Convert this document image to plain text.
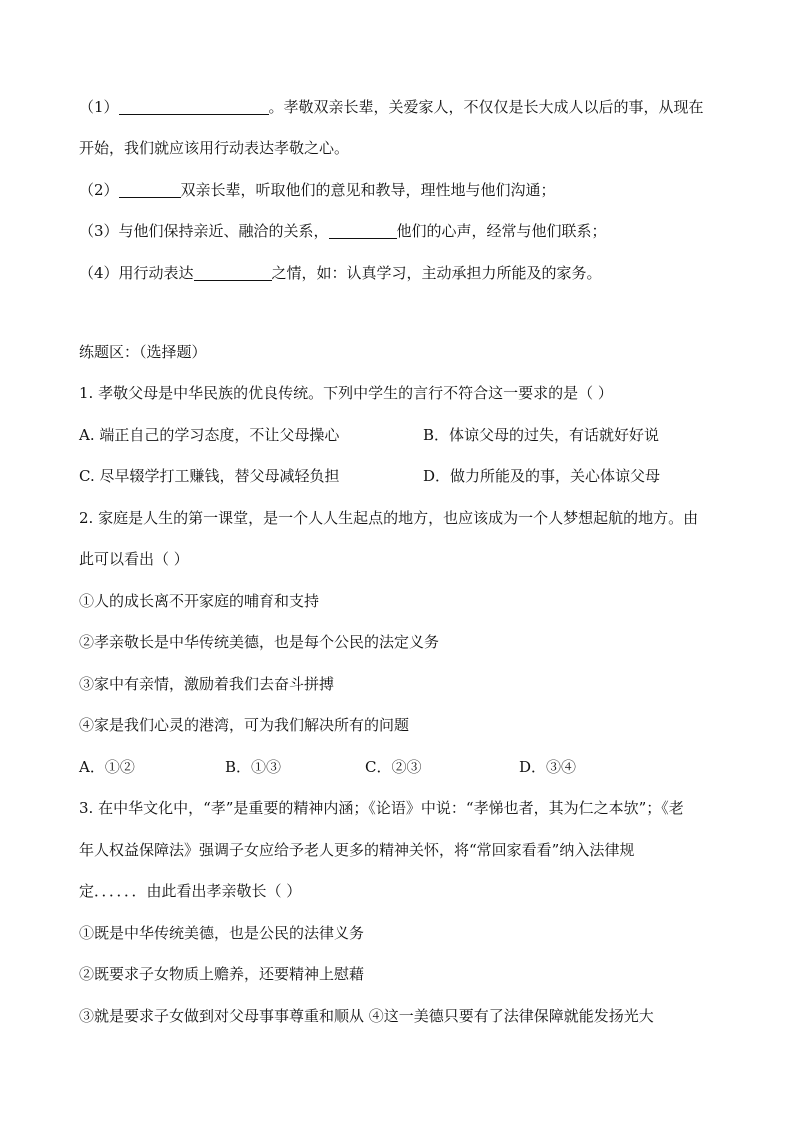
（1）	。孝敬双亲长辈，关爱家人，不仅仅是长大成人以后的事，从现在
开始，我们就应该用行动表达孝敬之心。
（2）	双亲长辈，听取他们的意见和教导，理性地与他们沟通；
（3）与他们保持亲近、融洽的关系，	他们的心声，经常与他们联系；
（4）用行动表达	之情，如：认真学习，主动承担力所能及的家务。
练题区：（选择题）
1. 孝敬父母是中华民族的优良传统。下列中学生的言行不符合这一要求的是（ ）
A. 端正自己的学习态度，不让父母操心	B．体谅父母的过失，有话就好好说
C. 尽早辍学打工赚钱，替父母减轻负担	D．做力所能及的事，关心体谅父母
2. 家庭是人生的第一课堂，是一个人人生起点的地方，也应该成为一个人梦想起航的地方。由
此可以看出（ ）
①人的成长离不开家庭的哺育和支持
②孝亲敬长是中华传统美德，也是每个公民的法定义务
③家中有亲情，激励着我们去奋斗拼搏
④家是我们心灵的港湾，可为我们解决所有的问题
A．①②	B．①③	C．②③	D．③④
3. 在中华文化中，“孝”是重要的精神内涵；《论语》中说：“孝悌也者，其为仁之本欤”；《老
年人权益保障法》强调子女应给予老人更多的精神关怀，将“常回家看看”纳入法律规
定．．．．．．由此看出孝亲敬长（ ）
①既是中华传统美德，也是公民的法律义务
②既要求子女物质上赡养，还要精神上慰藉
③就是要求子女做到对父母事事尊重和顺从 ④这一美德只要有了法律保障就能发扬光大
